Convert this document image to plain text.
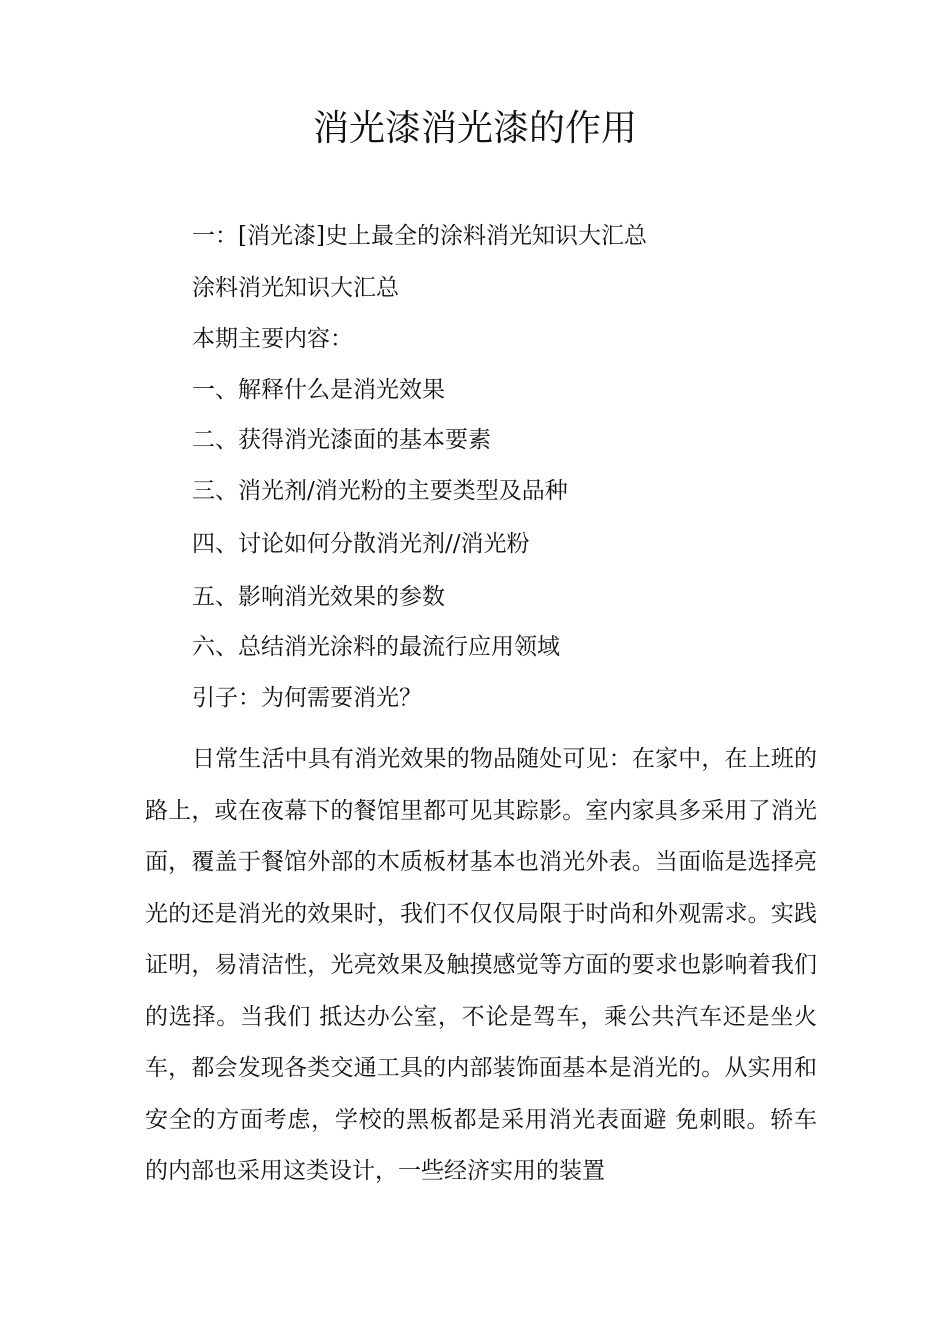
消光漆消光漆的作用
一：[消光漆]史上最全的涂料消光知识大汇总
涂料消光知识大汇总
本期主要内容：
一、解释什么是消光效果
二、获得消光漆面的基本要素
三、消光剂/消光粉的主要类型及品种
四、讨论如何分散消光剂//消光粉
五、影响消光效果的参数
六、总结消光涂料的最流行应用领域
引子：为何需要消光？

日常生活中具有消光效果的物品随处可见：在家中，在上班的路上，或在夜幕下的餐馆里都可见其踪影。室内家具多采用了消光面，覆盖于餐馆外部的木质板材基本也消光外表。当面临是选择亮光的还是消光的效果时，我们不仅仅局限于时尚和外观需求。实践证明，易清洁性，光亮效果及触摸感觉等方面的要求也影响着我们的选择。当我们 抵达办公室，不论是驾车，乘公共汽车还是坐火车，都会发现各类交通工具的内部装饰面基本是消光的。从实用和安全的方面考虑，学校的黑板都是采用消光表面避 免刺眼。轿车的内部也采用这类设计，一些经济实用的装置
